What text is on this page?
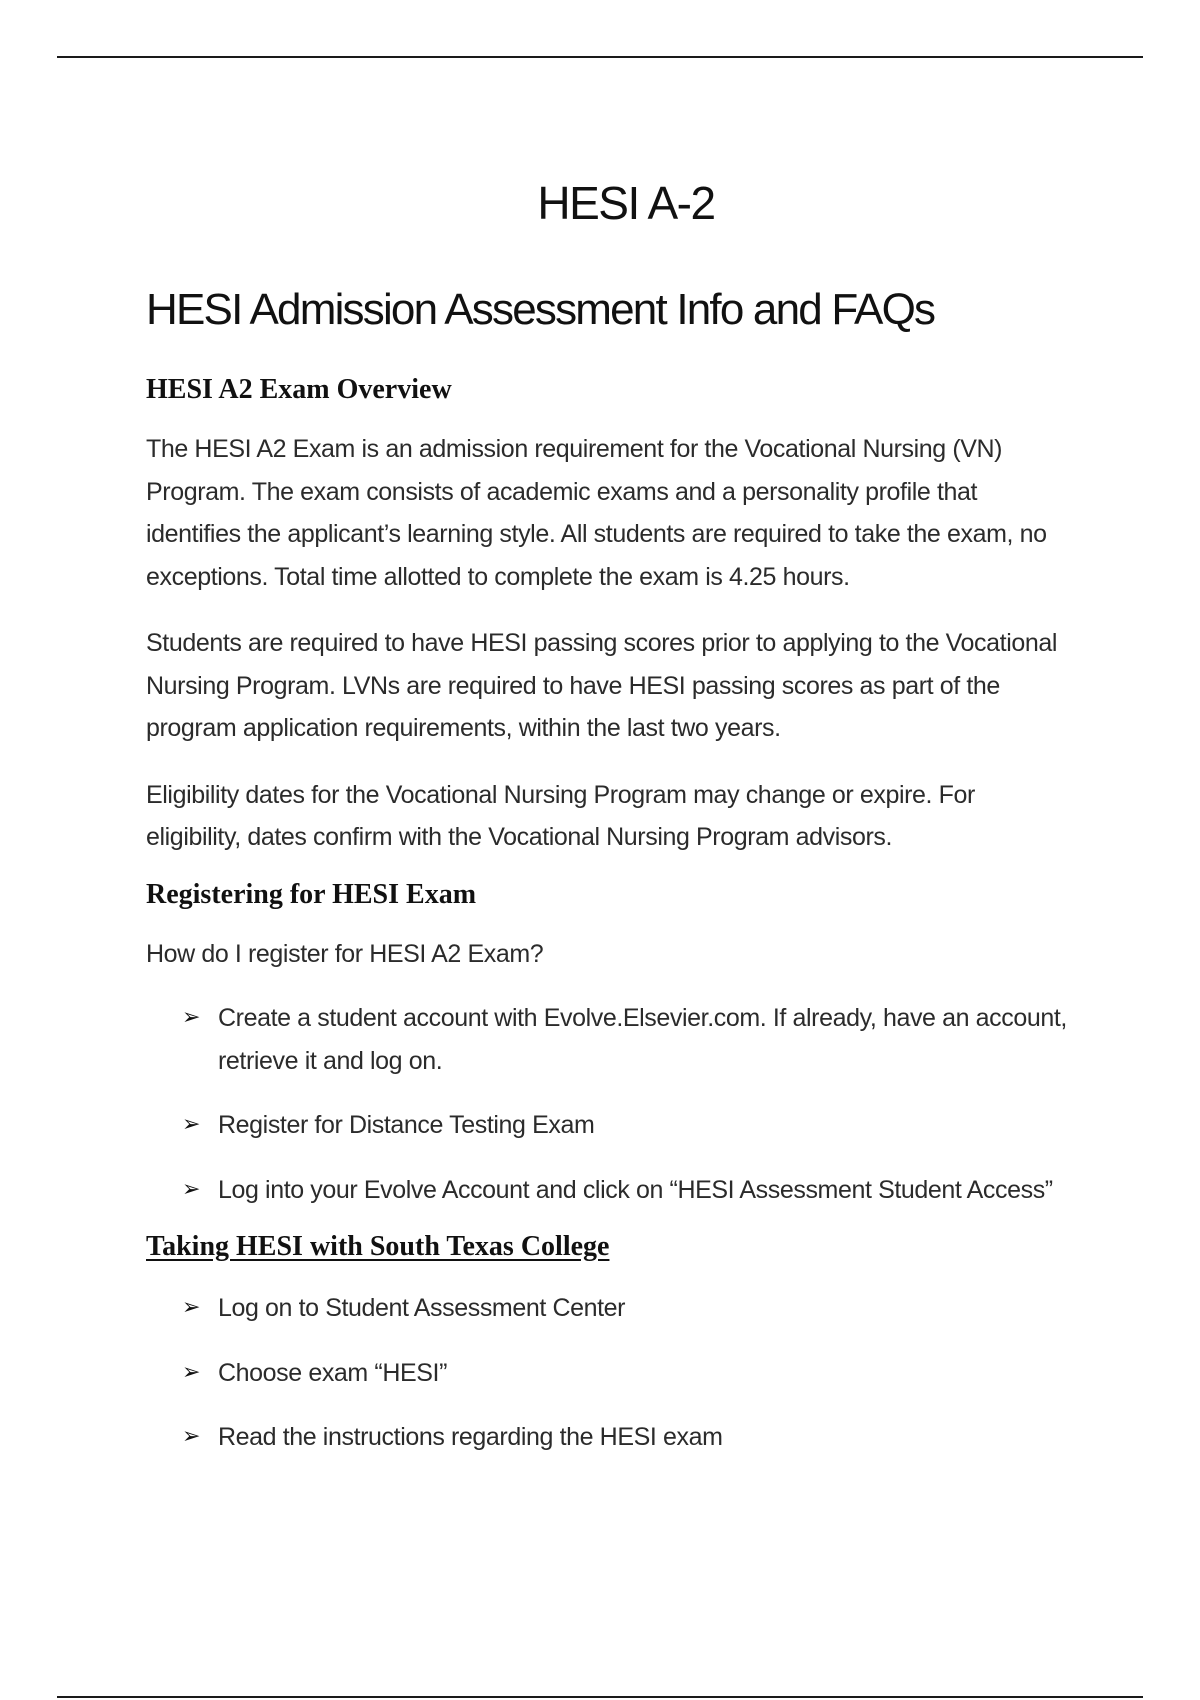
HESI A-2
HESI Admission Assessment Info and FAQs
HESI A2 Exam Overview

The HESI A2 Exam is an admission requirement for the Vocational Nursing (VN) Program. The exam consists of academic exams and a personality profile that identifies the applicant’s learning style. All students are required to take the exam, no exceptions. Total time allotted to complete the exam is 4.25 hours.

Students are required to have HESI passing scores prior to applying to the Vocational Nursing Program. LVNs are required to have HESI passing scores as part of the program application requirements, within the last two years.

Eligibility dates for the Vocational Nursing Program may change or expire. For eligibility, dates confirm with the Vocational Nursing Program advisors.

Registering for HESI Exam

How do I register for HESI A2 Exam?

➢ Create a student account with Evolve.Elsevier.com. If already, have an account, retrieve it and log on.
➢ Register for Distance Testing Exam
➢ Log into your Evolve Account and click on “HESI Assessment Student Access”
Taking HESI with South Texas College
➢ Log on to Student Assessment Center
➢ Choose exam “HESI”
➢ Read the instructions regarding the HESI exam
